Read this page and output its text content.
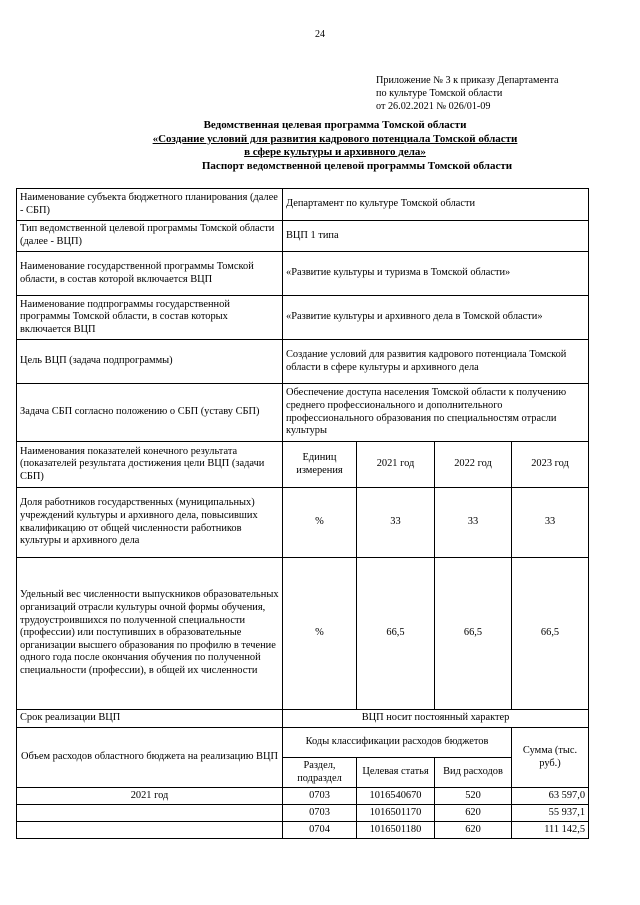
24
Приложение № 3 к приказу Департамента
по культуре Томской области
от 26.02.2021 № 026/01-09
Ведомственная целевая программа Томской области
«Создание условий для развития кадрового потенциала Томской области
в сфере культуры и архивного дела»
Паспорт ведомственной целевой программы Томской области
Наименование субъекта бюджетного планирования (далее - СБП)	Департамент по культуре Томской области			
Тип ведомственной целевой программы Томской области (далее - ВЦП)	ВЦП 1 типа			
Наименование государственной программы Томской области, в состав которой включается ВЦП	«Развитие культуры и туризма в Томской области»			
Наименование подпрограммы государственной программы Томской области, в состав которых включается ВЦП	«Развитие культуры и архивного дела в Томской области»			
Цель ВЦП (задача подпрограммы)	Создание условий для развития кадрового потенциала Томской области в сфере культуры и архивного дела			
Задача СБП согласно положению о СБП (уставу СБП)	Обеспечение доступа населения Томской области к получению среднего профессионального и дополнительного профессионального образования по специальностям отрасли культуры			
Наименования показателей конечного результата (показателей результата достижения цели ВЦП (задачи СБП)	Единиц измерения	2021 год	2022 год	2023 год
Доля работников государственных (муниципальных) учреждений культуры и архивного дела, повысивших квалификацию от общей численности работников культуры и архивного дела	%	33	33	33
Удельный вес численности выпускников образовательных организаций отрасли культуры очной формы обучения, трудоустроившихся по полученной специальности (профессии) или поступивших в образовательные организации высшего образования по профилю в течение одного года после окончания обучения по полученной специальности (профессии), в общей их численности	%	66,5	66,5	66,5
Срок реализации ВЦП	ВЦП носит постоянный характер			
Объем расходов областного бюджета на реализацию ВЦП	Коды классификации расходов бюджетов			Сумма (тыс. руб.)
	Раздел, подраздел	Целевая статья	Вид расходов	
2021 год	0703	1016540670	520	63 597,0
	0703	1016501170	620	55 937,1
	0704	1016501180	620	111 142,5
